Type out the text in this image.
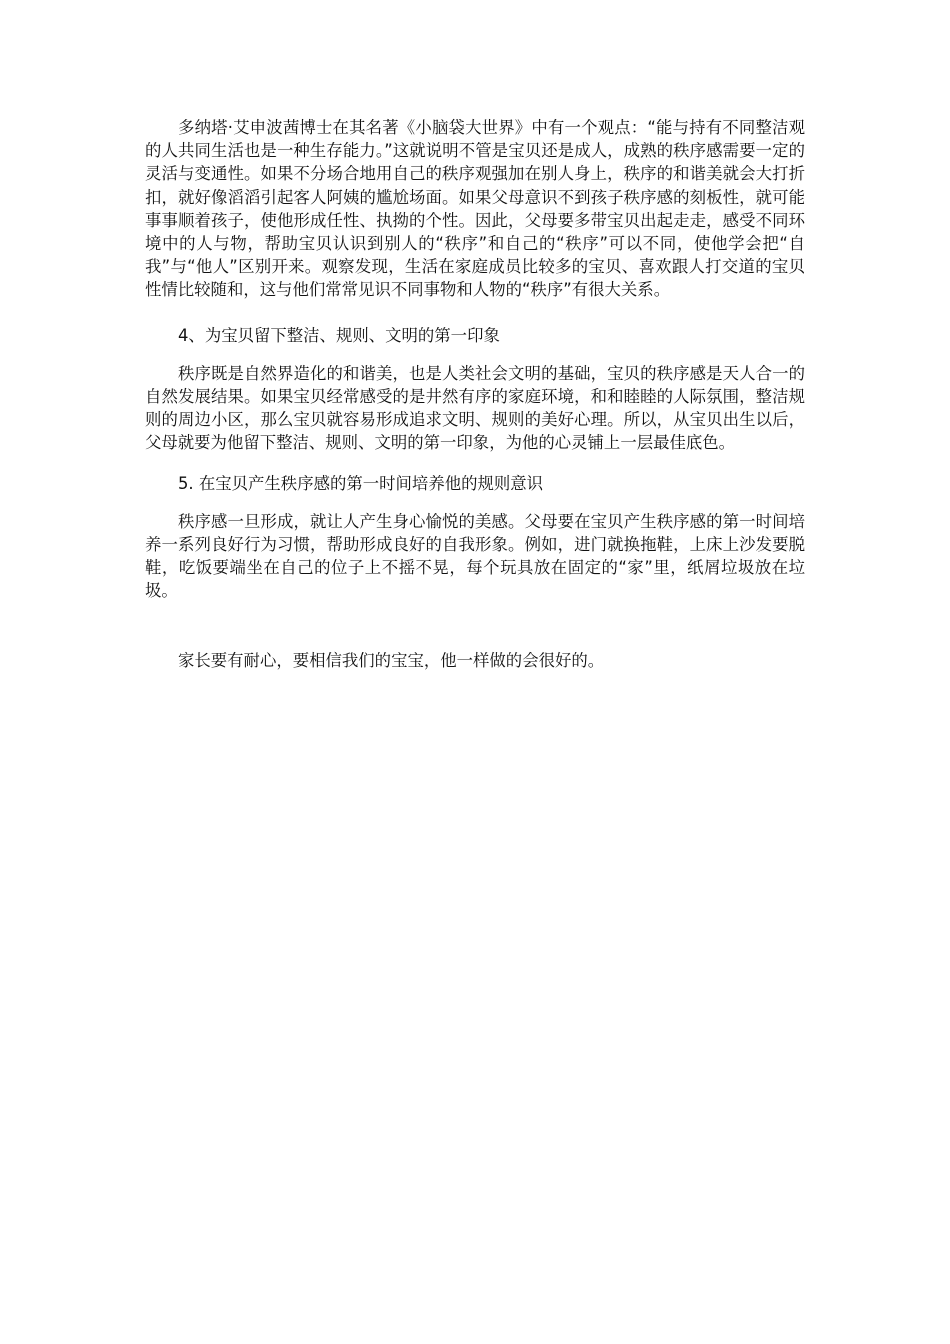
多纳塔·艾申波茜博士在其名著《小脑袋大世界》中有一个观点：“能与持有不同整洁观的人共同生活也是一种生存能力。”这就说明不管是宝贝还是成人，成熟的秩序感需要一定的灵活与变通性。如果不分场合地用自己的秩序观强加在别人身上，秩序的和谐美就会大打折扣，就好像滔滔引起客人阿姨的尴尬场面。如果父母意识不到孩子秩序感的刻板性，就可能事事顺着孩子，使他形成任性、执拗的个性。因此，父母要多带宝贝出起走走，感受不同环境中的人与物，帮助宝贝认识到别人的“秩序”和自己的“秩序”可以不同，使他学会把“自我”与“他人”区别开来。观察发现，生活在家庭成员比较多的宝贝、喜欢跟人打交道的宝贝性情比较随和，这与他们常常见识不同事物和人物的“秩序”有很大关系。

4、为宝贝留下整洁、规则、文明的第一印象

秩序既是自然界造化的和谐美，也是人类社会文明的基础，宝贝的秩序感是天人合一的自然发展结果。如果宝贝经常感受的是井然有序的家庭环境，和和睦睦的人际氛围，整洁规则的周边小区，那么宝贝就容易形成追求文明、规则的美好心理。所以，从宝贝出生以后，父母就要为他留下整洁、规则、文明的第一印象，为他的心灵铺上一层最佳底色。

5. 在宝贝产生秩序感的第一时间培养他的规则意识

秩序感一旦形成，就让人产生身心愉悦的美感。父母要在宝贝产生秩序感的第一时间培养一系列良好行为习惯，帮助形成良好的自我形象。例如，进门就换拖鞋，上床上沙发要脱鞋，吃饭要端坐在自己的位子上不摇不晃，每个玩具放在固定的“家”里，纸屑垃圾放在垃圾。

家长要有耐心，要相信我们的宝宝，他一样做的会很好的。
